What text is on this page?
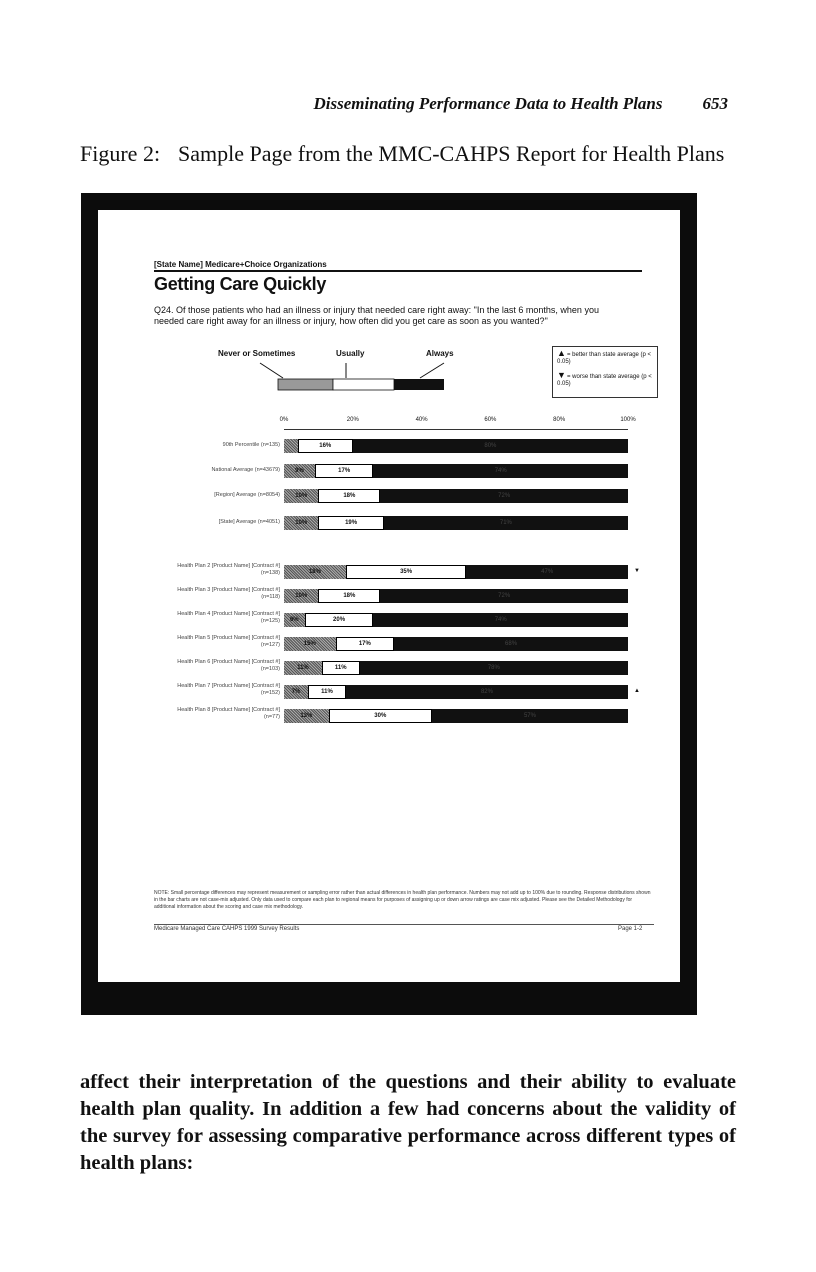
Disseminating Performance Data to Health Plans 653
Figure 2: Sample Page from the MMC-CAHPS Report for Health Plans
[State Name] Medicare+Choice Organizations
Getting Care Quickly
Q24. Of those patients who had an illness or injury that needed care right away: "In the last 6 months, when you needed care right away for an illness or injury, how often did you get care as soon as you wanted?"
Never or Sometimes	Usually	Always	▲= better than state average (p < 0.05)
▼= worse than state average (p < 0.05)
0%	20%	40%	60%	80%	100%
90th Percentile (n=135)	16%	80%
National Average (n=43679)	9%	17%	74%
[Region] Average (n=8054)	10%	18%	72%
[State] Average (n=4051)	10%	19%	71%
Health Plan 2 [Product Name] [Contract #] (n=138)	18%	35%	47%	▼
Health Plan 3 [Product Name] [Contract #] (n=118)	10%	18%	72%
Health Plan 4 [Product Name] [Contract #] (n=125)	6%	20%	74%
Health Plan 5 [Product Name] [Contract #] (n=127)	15%	17%	68%
Health Plan 6 [Product Name] [Contract #] (n=103)	11%	11%	78%
Health Plan 7 [Product Name] [Contract #] (n=152)	7%	11%	82%	▲
Health Plan 8 [Product Name] [Contract #] (n=77)	13%	30%	57%
NOTE: Small percentage differences may represent measurement or sampling error rather than actual differences in health plan performance. Numbers may not add up to 100% due to rounding. Response distributions shown in the bar charts are not case-mix adjusted. Only data used to compare each plan to regional means for purposes of assigning up or down arrow ratings are case mix adjusted. Please see the Detailed Methodology for additional information about the scoring and case mix methodology.
Medicare Managed Care CAHPS 1999 Survey Results	Page 1-2
affect their interpretation of the questions and their ability to evaluate health plan quality. In addition a few had concerns about the validity of the survey for assessing comparative performance across different types of health plans:
